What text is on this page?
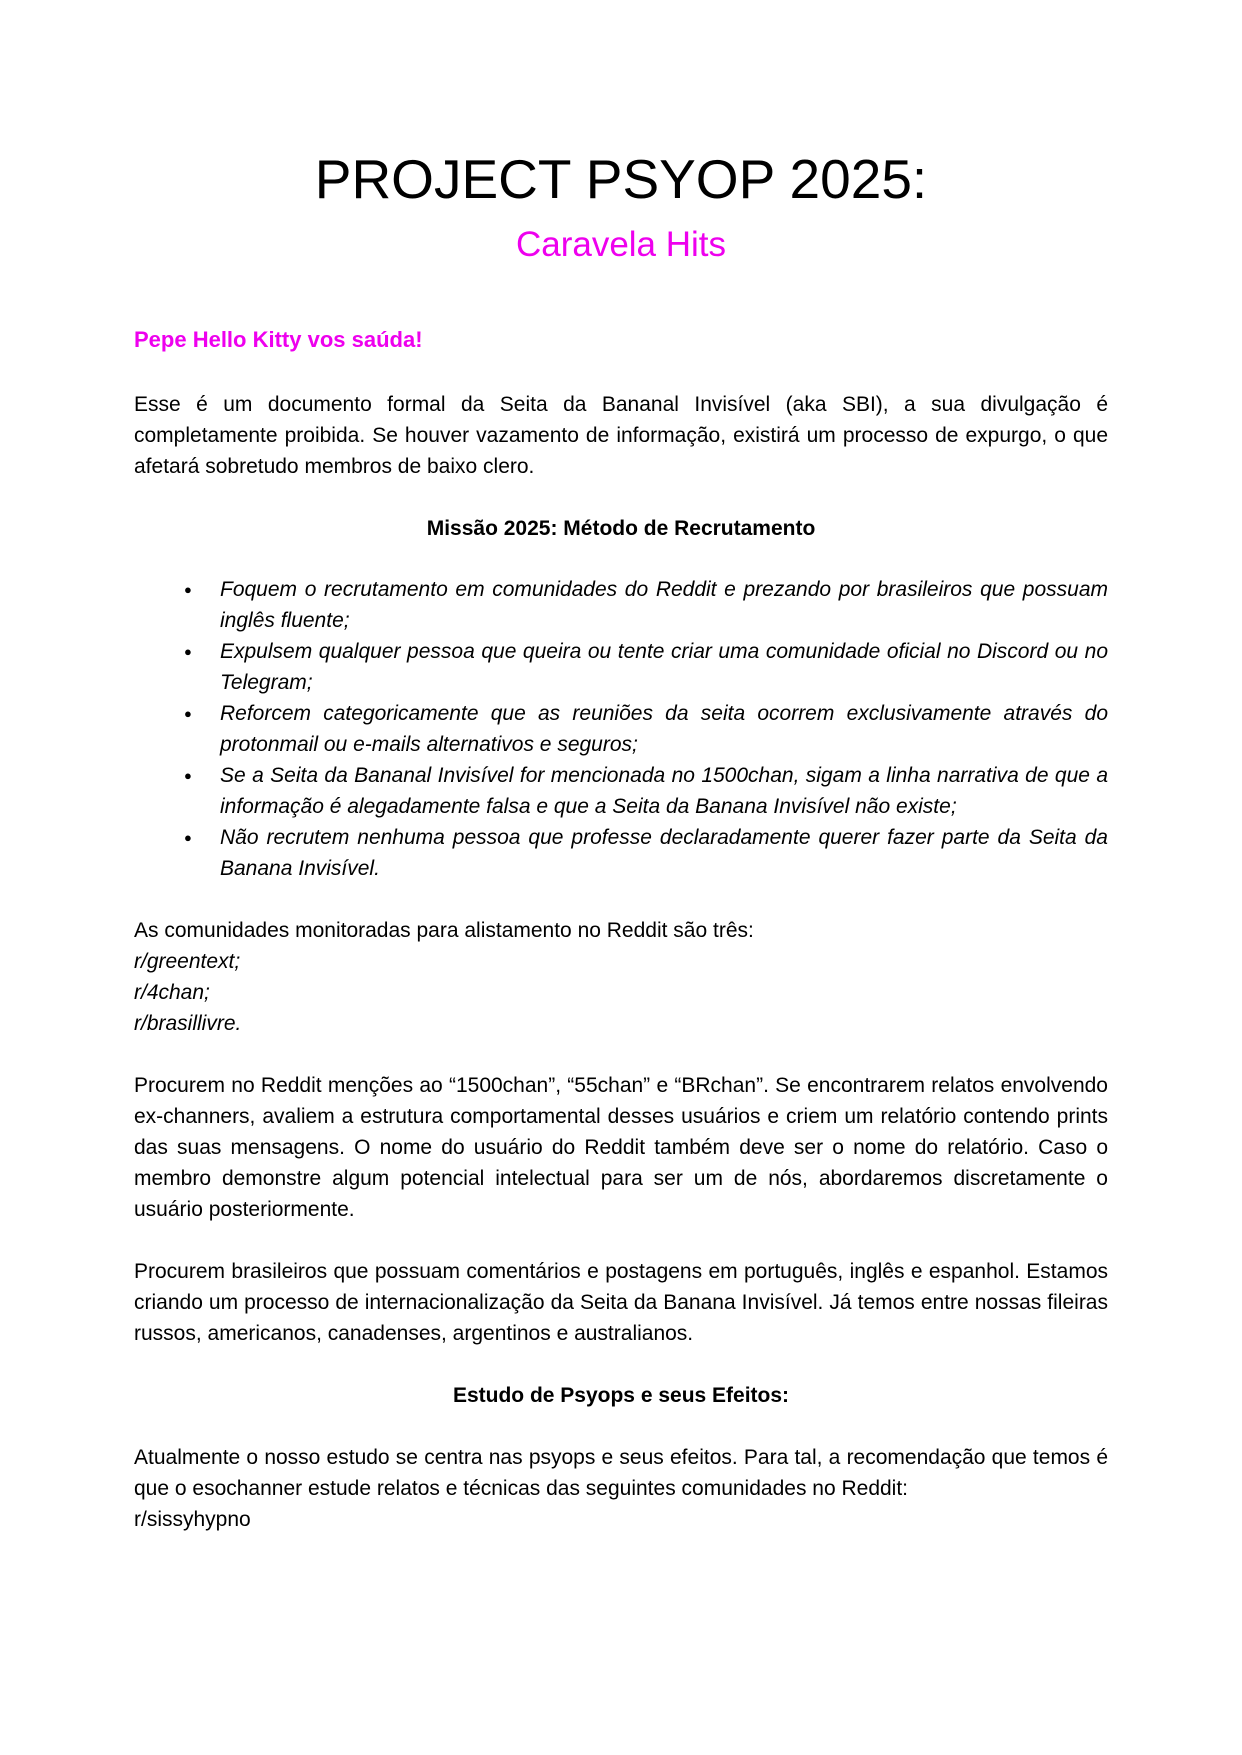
PROJECT PSYOP 2025:
Caravela Hits
Pepe Hello Kitty vos saúda!

Esse é um documento formal da Seita da Bananal Invisível (aka SBI), a sua divulgação é completamente proibida. Se houver vazamento de informação, existirá um processo de expurgo, o que afetará sobretudo membros de baixo clero.

Missão 2025: Método de Recrutamento
●	Foquem o recrutamento em comunidades do Reddit e prezando por brasileiros que possuam inglês fluente;
●	Expulsem qualquer pessoa que queira ou tente criar uma comunidade oficial no Discord ou no Telegram;
●	Reforcem categoricamente que as reuniões da seita ocorrem exclusivamente através do protonmail ou e-mails alternativos e seguros;
●	Se a Seita da Bananal Invisível for mencionada no 1500chan, sigam a linha narrativa de que a informação é alegadamente falsa e que a Seita da Banana Invisível não existe;
●	Não recrutem nenhuma pessoa que professe declaradamente querer fazer parte da Seita da Banana Invisível.
As comunidades monitoradas para alistamento no Reddit são três:
r/greentext;
r/4chan;
r/brasillivre.

Procurem no Reddit menções ao “1500chan”, “55chan” e “BRchan”. Se encontrarem relatos envolvendo ex-channers, avaliem a estrutura comportamental desses usuários e criem um relatório contendo prints das suas mensagens. O nome do usuário do Reddit também deve ser o nome do relatório. Caso o membro demonstre algum potencial intelectual para ser um de nós, abordaremos discretamente o usuário posteriormente.

Procurem brasileiros que possuam comentários e postagens em português, inglês e espanhol. Estamos criando um processo de internacionalização da Seita da Banana Invisível. Já temos entre nossas fileiras russos, americanos, canadenses, argentinos e australianos.

Estudo de Psyops e seus Efeitos:
Atualmente o nosso estudo se centra nas psyops e seus efeitos. Para tal, a recomendação que temos é que o esochanner estude relatos e técnicas das seguintes comunidades no Reddit:
r/sissyhypno
